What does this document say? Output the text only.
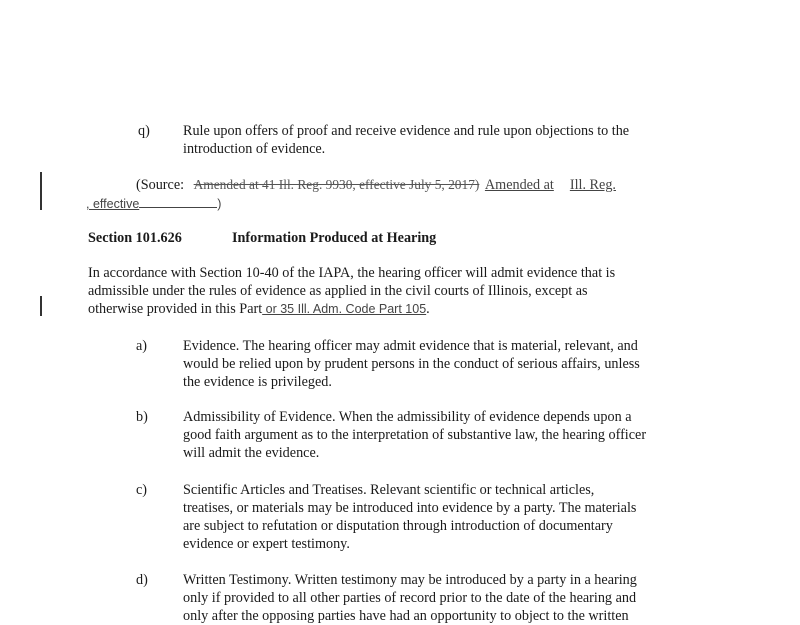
q) Rule upon offers of proof and receive evidence and rule upon objections to the
introduction of evidence.
(Source: Amended at 41 Ill. Reg. 9930, effective July 5, 2017) Amended at Ill. Reg.
, effective	)
Section 101.626	Information Produced at Hearing
In accordance with Section 10-40 of the IAPA, the hearing officer will admit evidence that is
admissible under the rules of evidence as applied in the civil courts of Illinois, except as
otherwise provided in this Part or 35 Ill. Adm. Code Part 105.
a)	Evidence. The hearing officer may admit evidence that is material, relevant, and
would be relied upon by prudent persons in the conduct of serious affairs, unless
the evidence is privileged.
b) Admissibility of Evidence. When the admissibility of evidence depends upon a
good faith argument as to the interpretation of substantive law, the hearing officer
will admit the evidence.
c)	Scientific Articles and Treatises. Relevant scientific or technical articles,
treatises, or materials may be introduced into evidence by a party. The materials
are subject to refutation or disputation through introduction of documentary
evidence or expert testimony.
d) Written Testimony. Written testimony may be introduced by a party in a hearing
only if provided to all other parties of record prior to the date of the hearing and
only after the opposing parties have had an opportunity to object to the written
